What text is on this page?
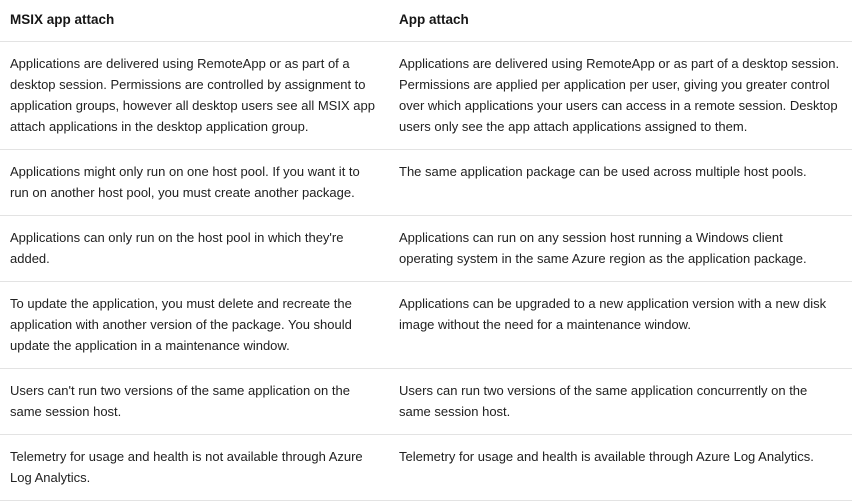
MSIX app attach	App attach
Applications are delivered using RemoteApp or as part of a desktop session. Permissions are controlled by assignment to application groups, however all desktop users see all MSIX app attach applications in the desktop application group.	Applications are delivered using RemoteApp or as part of a desktop session. Permissions are applied per application per user, giving you greater control over which applications your users can access in a remote session. Desktop users only see the app attach applications assigned to them.
Applications might only run on one host pool. If you want it to run on another host pool, you must create another package.	The same application package can be used across multiple host pools.
Applications can only run on the host pool in which they're added.	Applications can run on any session host running a Windows client operating system in the same Azure region as the application package.
To update the application, you must delete and recreate the application with another version of the package. You should update the application in a maintenance window.	Applications can be upgraded to a new application version with a new disk image without the need for a maintenance window.
Users can't run two versions of the same application on the same session host.	Users can run two versions of the same application concurrently on the same session host.
Telemetry for usage and health is not available through Azure Log Analytics.	Telemetry for usage and health is available through Azure Log Analytics.
